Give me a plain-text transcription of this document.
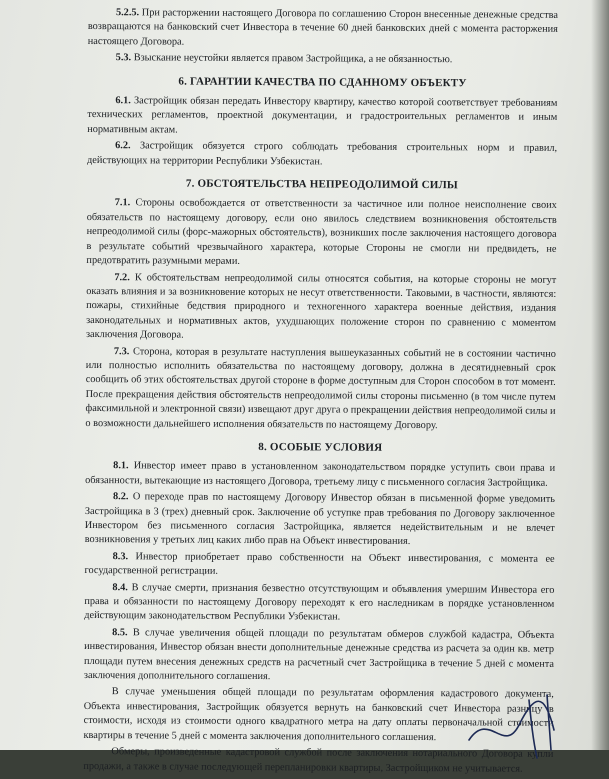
5.2.5. При расторжении настоящего Договора по соглашению Сторон внесенные денежные средства возвращаются на банковский счет Инвестора в течение 60 дней банковских дней с момента расторжения настоящего Договора.

5.3. Взыскание неустойки является правом Застройщика, а не обязанностью.

6. ГАРАНТИИ КАЧЕСТВА ПО СДАННОМУ ОБЪЕКТУ

6.1. Застройщик обязан передать Инвестору квартиру, качество которой соответствует требованиям технических регламентов, проектной документации, и градостроительных регламентов и иным нормативным актам.

6.2. Застройщик обязуется строго соблюдать требования строительных норм и правил, действующих на территории Республики Узбекистан.

7. ОБСТОЯТЕЛЬСТВА НЕПРЕОДОЛИМОЙ СИЛЫ

7.1. Стороны освобождается от ответственности за частичное или полное неисполнение своих обязательств по настоящему договору, если оно явилось следствием возникновения обстоятельств непреодолимой силы (форс-мажорных обстоятельств), возникших после заключения настоящего договора в результате событий чрезвычайного характера, которые Стороны не смогли ни предвидеть, не предотвратить разумными мерами.

7.2. К обстоятельствам непреодолимой силы относятся события, на которые стороны не могут оказать влияния и за возникновение которых не несут ответственности. Таковыми, в частности, являются: пожары, стихийные бедствия природного и техногенного характера военные действия, издания законодательных и нормативных актов, ухудшающих положение сторон по сравнению с моментом заключения Договора.

7.3. Сторона, которая в результате наступления вышеуказанных событий не в состоянии частично или полностью исполнить обязательства по настоящему договору, должна в десятидневный срок сообщить об этих обстоятельствах другой стороне в форме доступным для Сторон способом в тот момент. После прекращения действия обстоятельств непреодолимой силы стороны письменно (в том числе путем факсимильной и электронной связи) извещают друг друга о прекращении действия непреодолимой силы и о возможности дальнейшего исполнения обязательств по настоящему Договору.

8. ОСОБЫЕ УСЛОВИЯ

8.1. Инвестор имеет право в установленном законодательством порядке уступить свои права и обязанности, вытекающие из настоящего Договора, третьему лицу с письменного согласия Застройщика.

8.2. О переходе прав по настоящему Договору Инвестор обязан в письменной форме уведомить Застройщика в 3 (трех) дневный срок. Заключение об уступке прав требования по Договору заключенное Инвестором без письменного согласия Застройщика, является недействительным и не влечет возникновения у третьих лиц каких либо прав на Объект инвестирования.

8.3. Инвестор приобретает право собственности на Объект инвестирования, с момента ее государственной регистрации.

8.4. В случае смерти, признания безвестно отсутствующим и объявления умершим Инвестора его права и обязанности по настоящему Договору переходят к его наследникам в порядке установленном действующим законодательством Республики Узбекистан.

8.5. В случае увеличения общей площади по результатам обмеров службой кадастра, Объекта инвестирования, Инвестор обязан внести дополнительные денежные средства из расчета за один кв. метр площади путем внесения денежных средств на расчетный счет Застройщика в течение 5 дней с момента заключения дополнительного соглашения.

В случае уменьшения общей площади по результатам оформления кадастрового документа, Объекта инвестирования, Застройщик обязуется вернуть на банковский счет Инвестора разницу в стоимости, исходя из стоимости одного квадратного метра на дату оплаты первоначальной стоимости квартиры в течение 5 дней с момента заключения дополнительного соглашения.

Обмеры, произведенные кадастровой службой после заключения нотариального Договора купли продажи, а также в случае последующей перепланировки квартиры, Застройщиком не учитывается.
